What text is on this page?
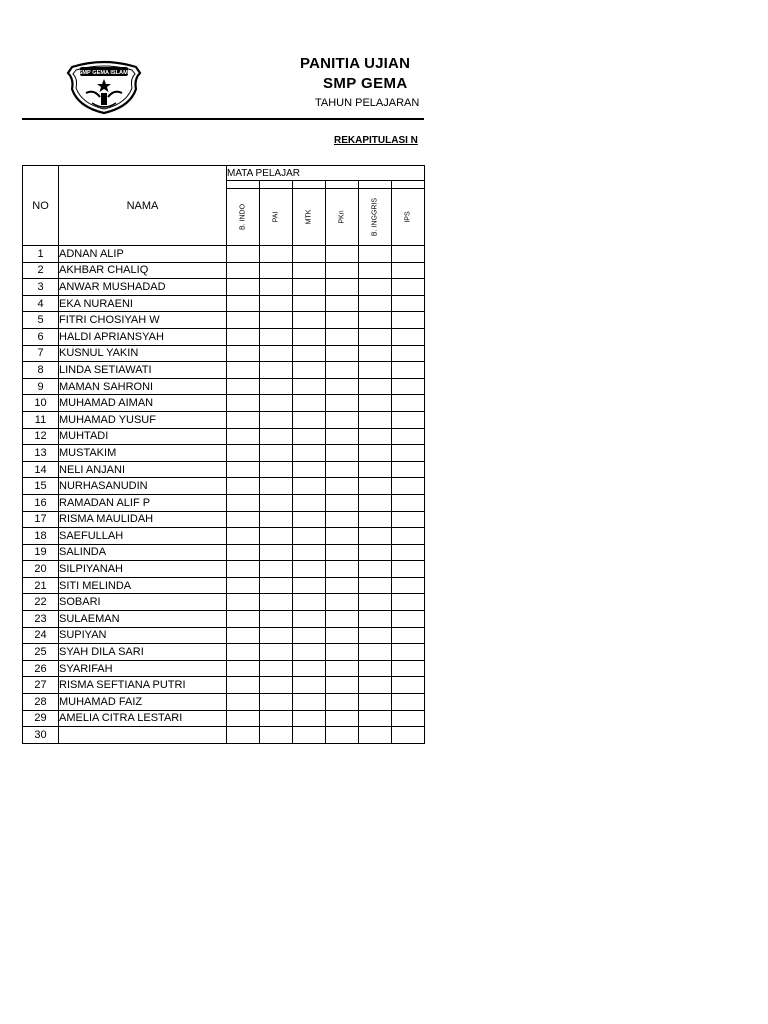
SMP GEMA ISLAMI
PANITIA UJIAN
SMP GEMA
TAHUN PELAJARAN
REKAPITULASI N
NO	NAMA	MATA PELAJAR					

		B. INDO	PAI	MTK	PKn	B. INGGRIS	IPS

1	ADNAN ALIP						
2	AKHBAR CHALIQ						
3	ANWAR MUSHADAD						
4	EKA NURAENI						
5	FITRI CHOSIYAH W						
6	HALDI APRIANSYAH						
7	KUSNUL YAKIN						
8	LINDA SETIAWATI						
9	MAMAN SAHRONI						
10	MUHAMAD AIMAN						
11	MUHAMAD YUSUF						
12	MUHTADI						
13	MUSTAKIM						
14	NELI ANJANI						
15	NURHASANUDIN						
16	RAMADAN ALIF P						
17	RISMA MAULIDAH						
18	SAEFULLAH						
19	SALINDA						
20	SILPIYANAH						
21	SITI MELINDA						
22	SOBARI						
23	SULAEMAN						
24	SUPIYAN						
25	SYAH DILA SARI						
26	SYARIFAH						
27	RISMA SEFTIANA PUTRI						
28	MUHAMAD FAIZ						
29	AMELIA CITRA LESTARI						
30							
